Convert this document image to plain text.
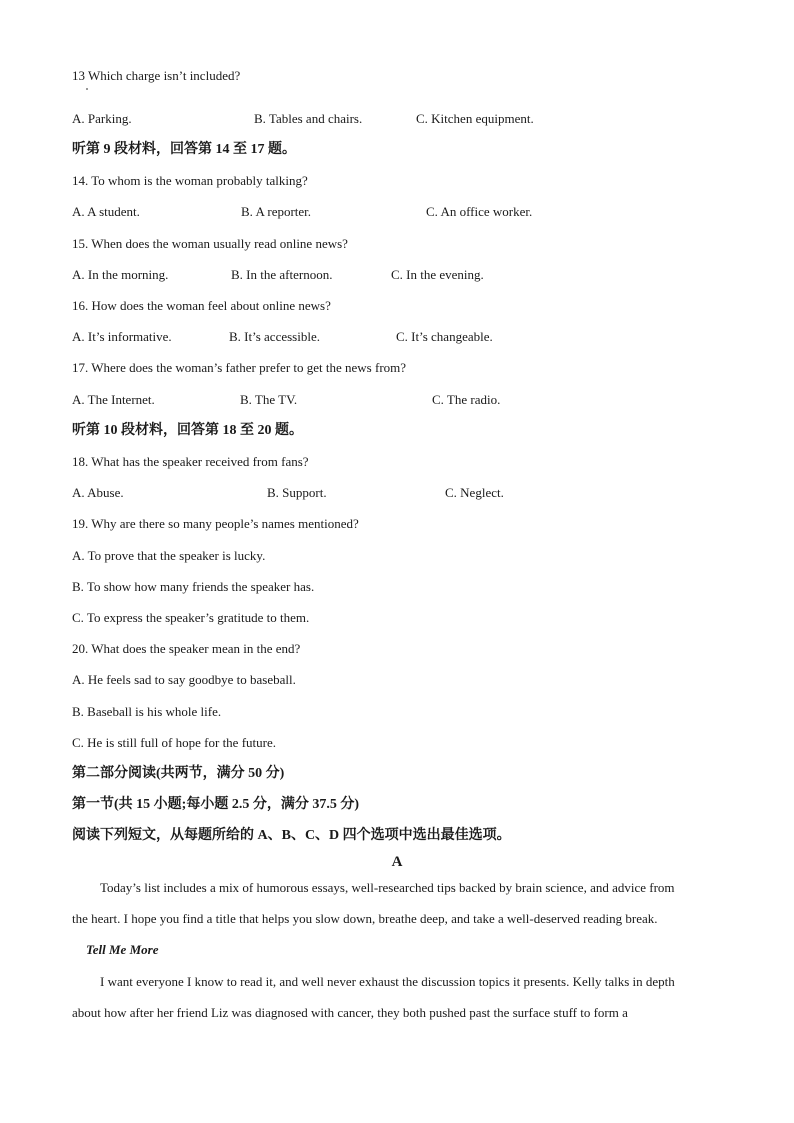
13 Which charge isn’t included?
A. Parking.	B. Tables and chairs.	C. Kitchen equipment.
听第 9 段材料，回答第 14 至 17 题。
14. To whom is the woman probably talking?
A. A student.	B. A reporter.	C. An office worker.
15. When does the woman usually read online news?
A. In the morning.	B. In the afternoon.	C. In the evening.
16. How does the woman feel about online news?
A. It’s informative.	B. It’s accessible.	C. It’s changeable.
17. Where does the woman’s father prefer to get the news from?
A. The Internet.	B. The TV.	C. The radio.
听第 10 段材料，回答第 18 至 20 题。
18. What has the speaker received from fans?
A. Abuse.	B. Support.	C. Neglect.
19. Why are there so many people’s names mentioned?
A. To prove that the speaker is lucky.
B. To show how many friends the speaker has.
C. To express the speaker’s gratitude to them.
20. What does the speaker mean in the end?
A. He feels sad to say goodbye to baseball.
B. Baseball is his whole life.
C. He is still full of hope for the future.
第二部分阅读(共两节，满分 50 分)
第一节(共 15 小题;每小题 2.5 分，满分 37.5 分)
阅读下列短文，从每题所给的 A、B、C、D 四个选项中选出最佳选项。
A
Today’s list includes a mix of humorous essays, well-researched tips backed by brain science, and advice from
the heart. I hope you find a title that helps you slow down, breathe deep, and take a well-deserved reading break.
Tell Me More
I want everyone I know to read it, and well never exhaust the discussion topics it presents. Kelly talks in depth
about how after her friend Liz was diagnosed with cancer, they both pushed past the surface stuff to form a
